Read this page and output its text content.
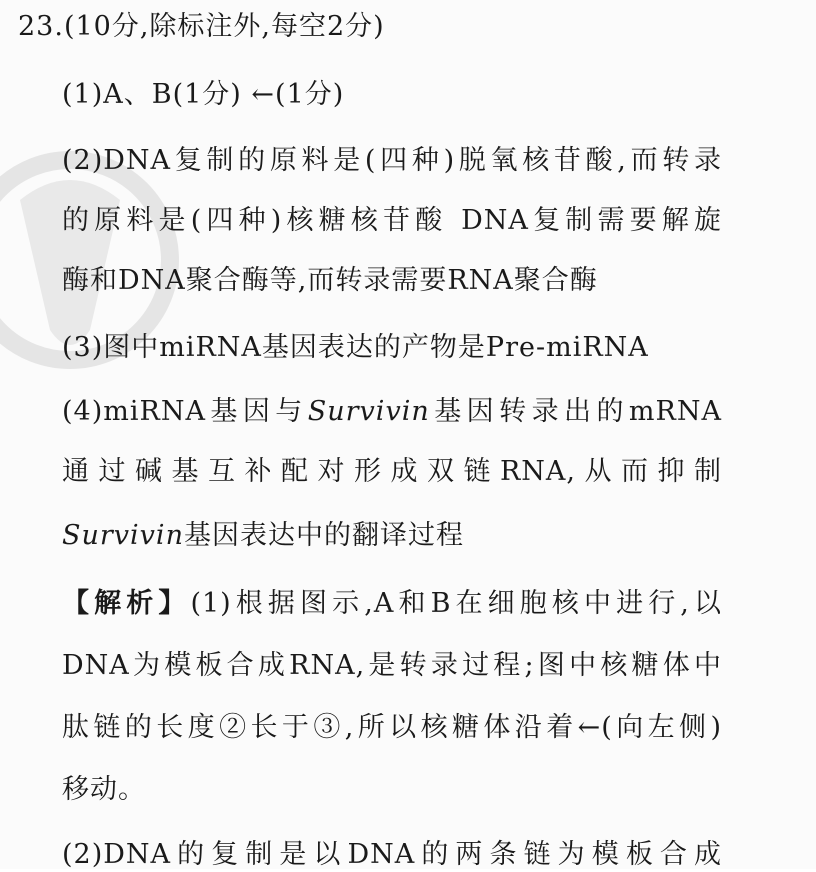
23.(10分,除标注外,每空2分)
(1)A、B(1分) ←(1分)
(2)DNA复制的原料是(四种)脱氧核苷酸,而转录
的原料是(四种)核糖核苷酸 DNA复制需要解旋
酶和DNA聚合酶等,而转录需要RNA聚合酶
(3)图中miRNA基因表达的产物是Pre-miRNA
(4)miRNA基因与Survivin基因转录出的mRNA
通过碱基互补配对形成双链RNA,从而抑制
Survivin基因表达中的翻译过程
【解析】(1)根据图示,A和B在细胞核中进行,以
DNA为模板合成RNA,是转录过程;图中核糖体中
肽链的长度②长于③,所以核糖体沿着←(向左侧)
移动。
(2)DNA的复制是以DNA的两条链为模板合成
